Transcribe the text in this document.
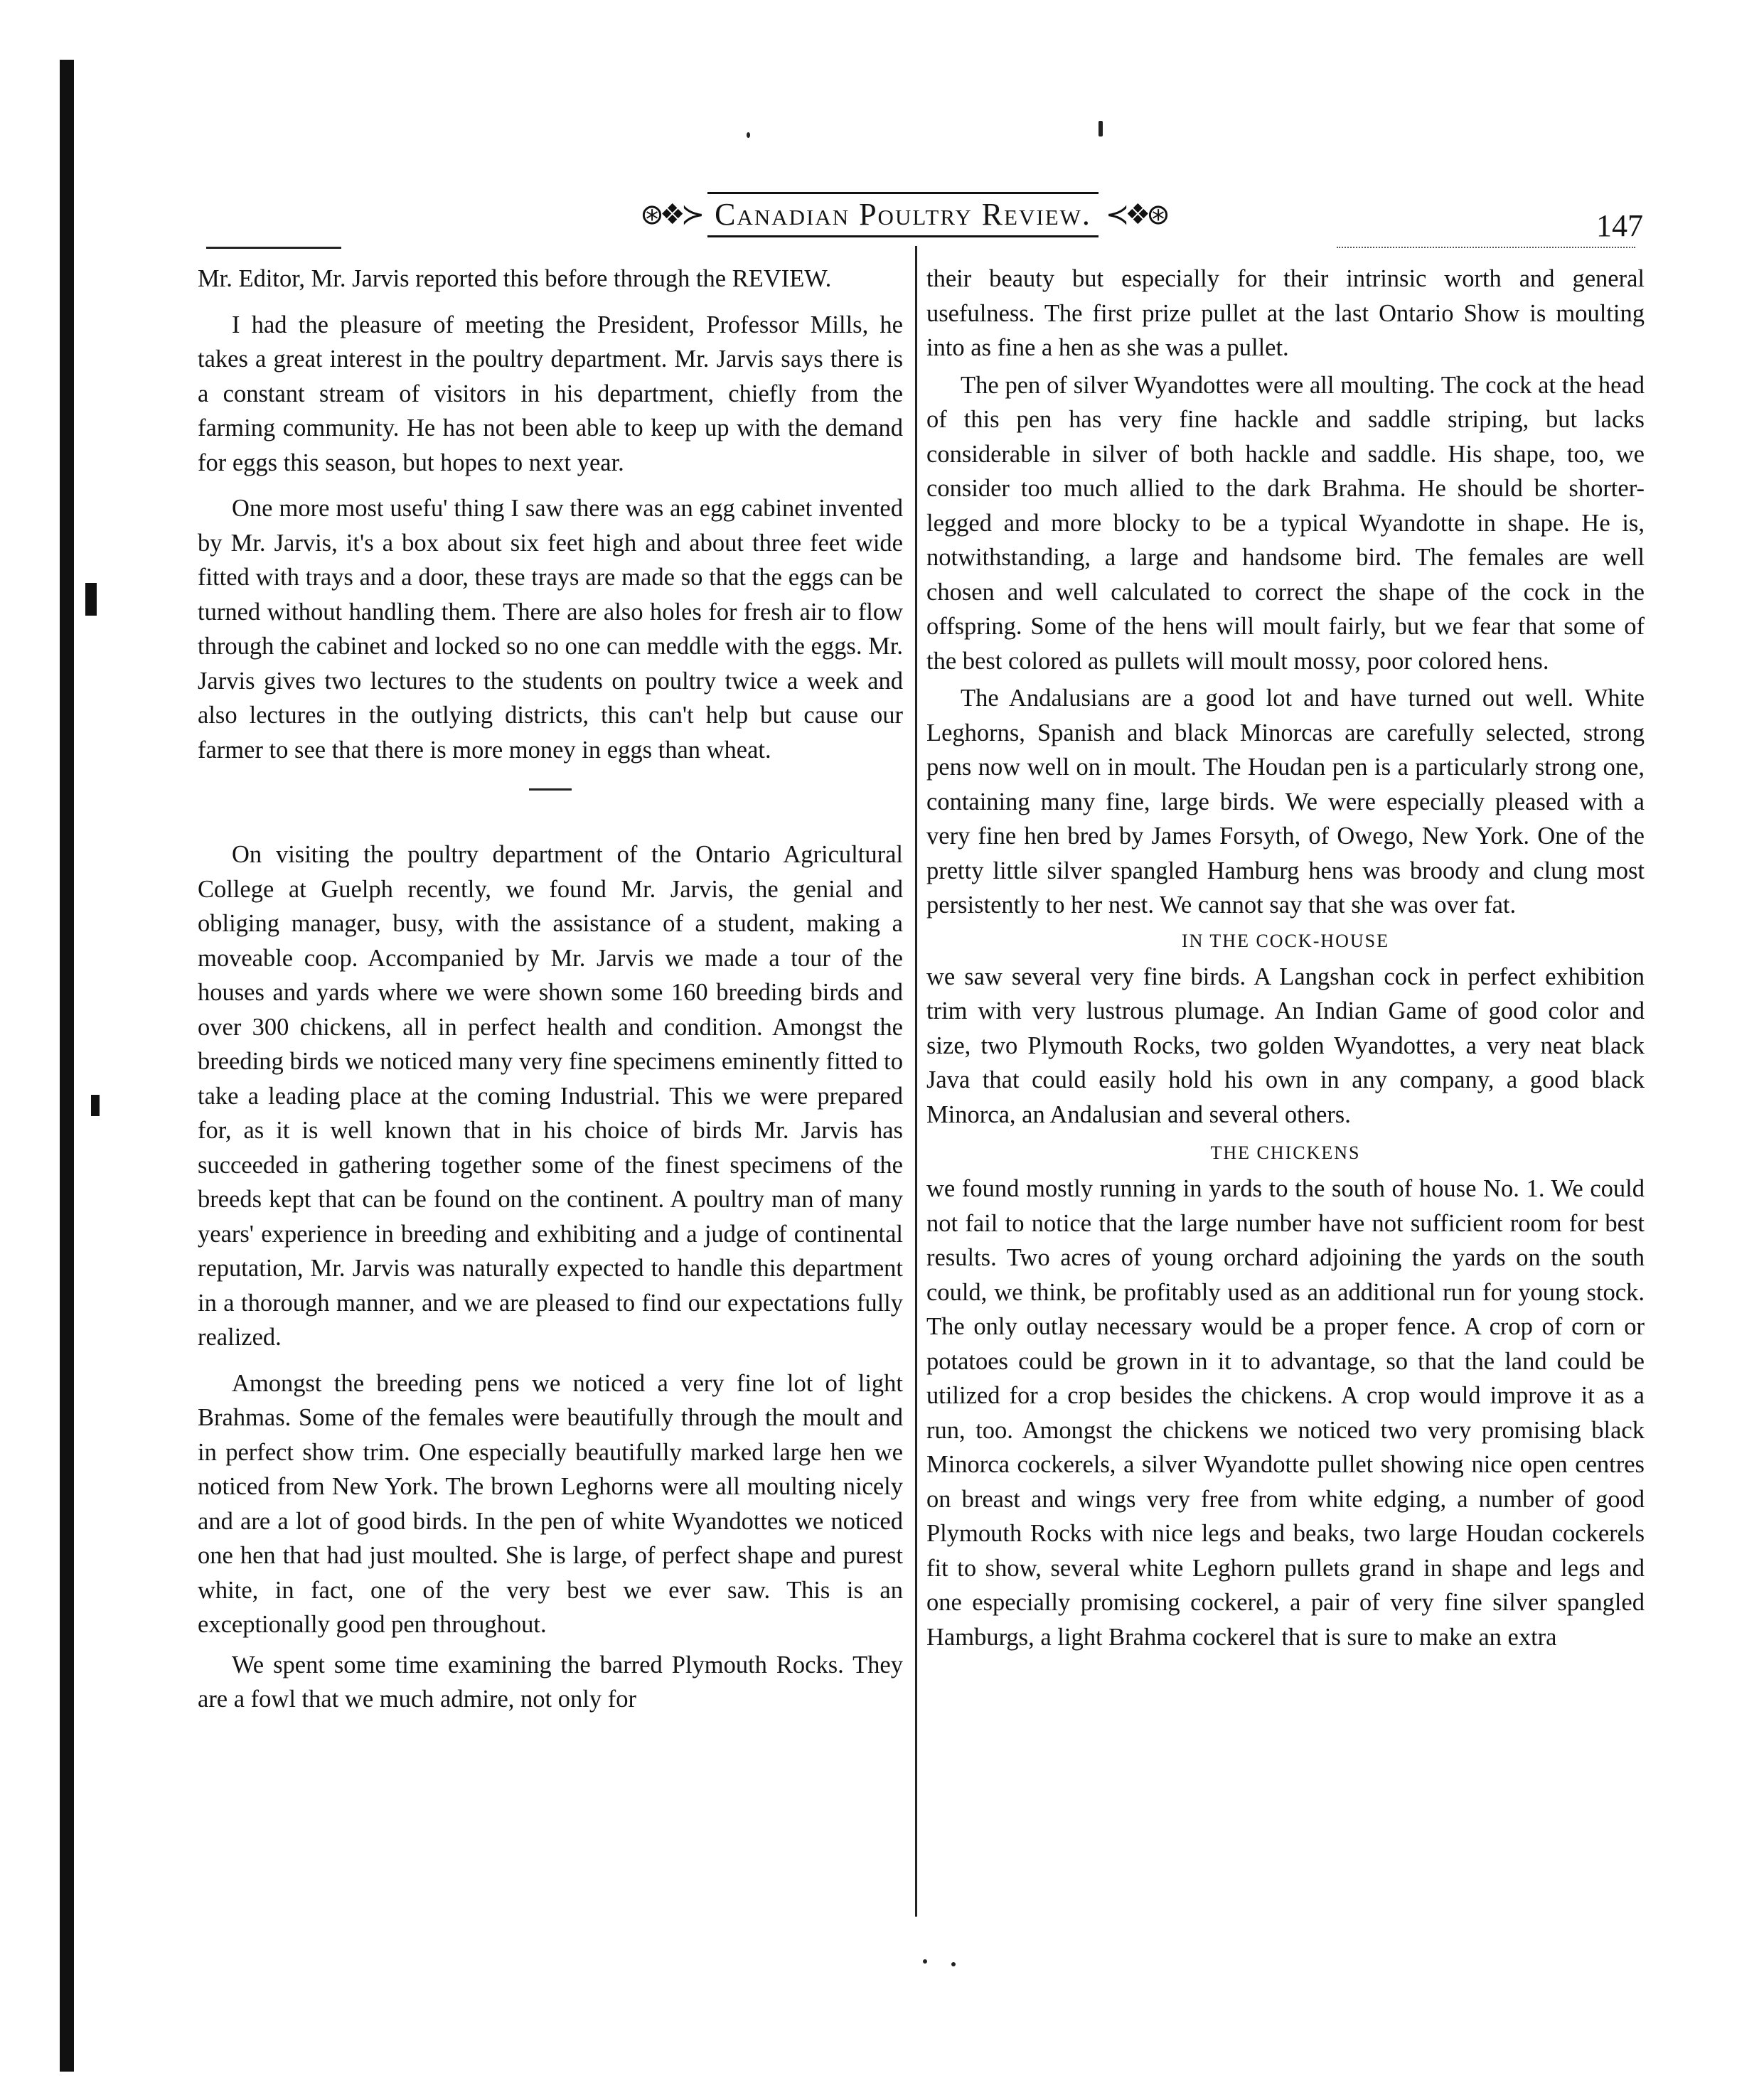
⊛❖≻ Canadian Poultry Review. ≺❖⊛	147

Mr. Editor, Mr. Jarvis reported this before through the REVIEW.

I had the pleasure of meeting the President, Professor Mills, he takes a great interest in the poultry department. Mr. Jarvis says there is a constant stream of visitors in his department, chiefly from the farming community. He has not been able to keep up with the demand for eggs this season, but hopes to next year.

One more most usefu' thing I saw there was an egg cabinet invented by Mr. Jarvis, it's a box about six feet high and about three feet wide fitted with trays and a door, these trays are made so that the eggs can be turned without handling them. There are also holes for fresh air to flow through the cabinet and locked so no one can meddle with the eggs. Mr. Jarvis gives two lectures to the students on poultry twice a week and also lectures in the outlying districts, this can't help but cause our farmer to see that there is more money in eggs than wheat.

On visiting the poultry department of the Ontario Agricultural College at Guelph recently, we found Mr. Jarvis, the genial and obliging manager, busy, with the assistance of a student, making a moveable coop. Accompanied by Mr. Jarvis we made a tour of the houses and yards where we were shown some 160 breeding birds and over 300 chickens, all in perfect health and condition. Amongst the breeding birds we noticed many very fine specimens eminently fitted to take a leading place at the coming Industrial. This we were prepared for, as it is well known that in his choice of birds Mr. Jarvis has succeeded in gathering together some of the finest specimens of the breeds kept that can be found on the continent. A poultry man of many years' experience in breeding and exhibiting and a judge of continental reputation, Mr. Jarvis was naturally expected to handle this department in a thorough manner, and we are pleased to find our expectations fully realized.

Amongst the breeding pens we noticed a very fine lot of light Brahmas. Some of the females were beautifully through the moult and in perfect show trim. One especially beautifully marked large hen we noticed from New York. The brown Leghorns were all moulting nicely and are a lot of good birds. In the pen of white Wyandottes we noticed one hen that had just moulted. She is large, of perfect shape and purest white, in fact, one of the very best we ever saw. This is an exceptionally good pen throughout.

We spent some time examining the barred Plymouth Rocks. They are a fowl that we much admire, not only for

their beauty but especially for their intrinsic worth and general usefulness. The first prize pullet at the last Ontario Show is moulting into as fine a hen as she was a pullet.

The pen of silver Wyandottes were all moulting. The cock at the head of this pen has very fine hackle and saddle striping, but lacks considerable in silver of both hackle and saddle. His shape, too, we consider too much allied to the dark Brahma. He should be shorter-legged and more blocky to be a typical Wyandotte in shape. He is, notwithstanding, a large and handsome bird. The females are well chosen and well calculated to correct the shape of the cock in the offspring. Some of the hens will moult fairly, but we fear that some of the best colored as pullets will moult mossy, poor colored hens.

The Andalusians are a good lot and have turned out well. White Leghorns, Spanish and black Minorcas are carefully selected, strong pens now well on in moult. The Houdan pen is a particularly strong one, containing many fine, large birds. We were especially pleased with a very fine hen bred by James Forsyth, of Owego, New York. One of the pretty little silver spangled Hamburg hens was broody and clung most persistently to her nest. We cannot say that she was over fat.

IN THE COCK-HOUSE

we saw several very fine birds. A Langshan cock in perfect exhibition trim with very lustrous plumage. An Indian Game of good color and size, two Plymouth Rocks, two golden Wyandottes, a very neat black Java that could easily hold his own in any company, a good black Minorca, an Andalusian and several others.

THE CHICKENS

we found mostly running in yards to the south of house No. 1. We could not fail to notice that the large number have not sufficient room for best results. Two acres of young orchard adjoining the yards on the south could, we think, be profitably used as an additional run for young stock. The only outlay necessary would be a proper fence. A crop of corn or potatoes could be grown in it to advantage, so that the land could be utilized for a crop besides the chickens. A crop would improve it as a run, too. Amongst the chickens we noticed two very promising black Minorca cockerels, a silver Wyandotte pullet showing nice open centres on breast and wings very free from white edging, a number of good Plymouth Rocks with nice legs and beaks, two large Houdan cockerels fit to show, several white Leghorn pullets grand in shape and legs and one especially promising cockerel, a pair of very fine silver spangled Hamburgs, a light Brahma cockerel that is sure to make an extra
